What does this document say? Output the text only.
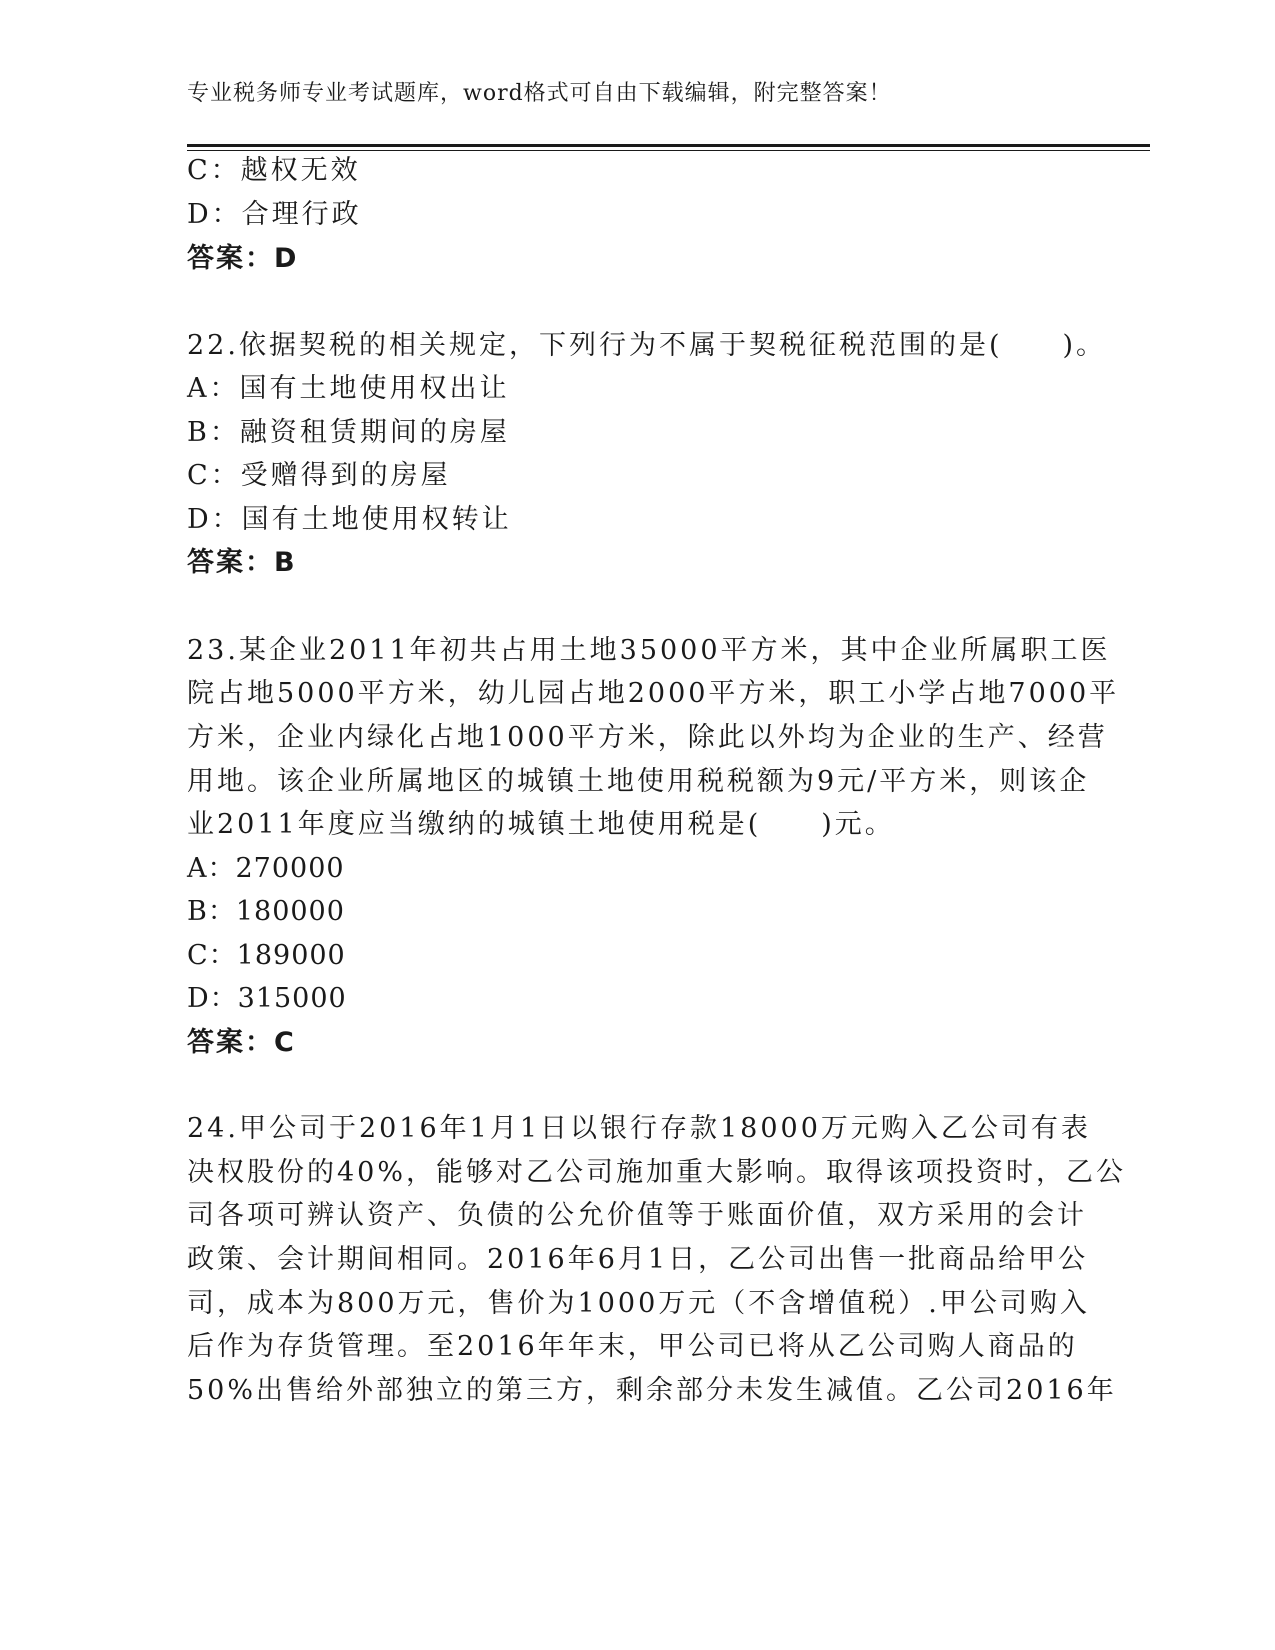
专业税务师专业考试题库，word格式可自由下载编辑，附完整答案！
C：越权无效
D：合理行政
答案：D
22.依据契税的相关规定，下列行为不属于契税征税范围的是(　　)。
A：国有土地使用权出让
B：融资租赁期间的房屋
C：受赠得到的房屋
D：国有土地使用权转让
答案：B
23.某企业2011年初共占用土地35000平方米，其中企业所属职工医
院占地5000平方米，幼儿园占地2000平方米，职工小学占地7000平
方米，企业内绿化占地1000平方米，除此以外均为企业的生产、经营
用地。该企业所属地区的城镇土地使用税税额为9元/平方米，则该企
业2011年度应当缴纳的城镇土地使用税是(　　)元。
A：270000
B：180000
C：189000
D：315000
答案：C
24.甲公司于2016年1月1日以银行存款18000万元购入乙公司有表
决权股份的40%，能够对乙公司施加重大影响。取得该项投资时，乙公
司各项可辨认资产、负债的公允价值等于账面价值，双方采用的会计
政策、会计期间相同。2016年6月1日，乙公司出售一批商品给甲公
司，成本为800万元，售价为1000万元（不含增值税）.甲公司购入
后作为存货管理。至2016年年末，甲公司已将从乙公司购人商品的
50%出售给外部独立的第三方，剩余部分未发生减值。乙公司2016年
